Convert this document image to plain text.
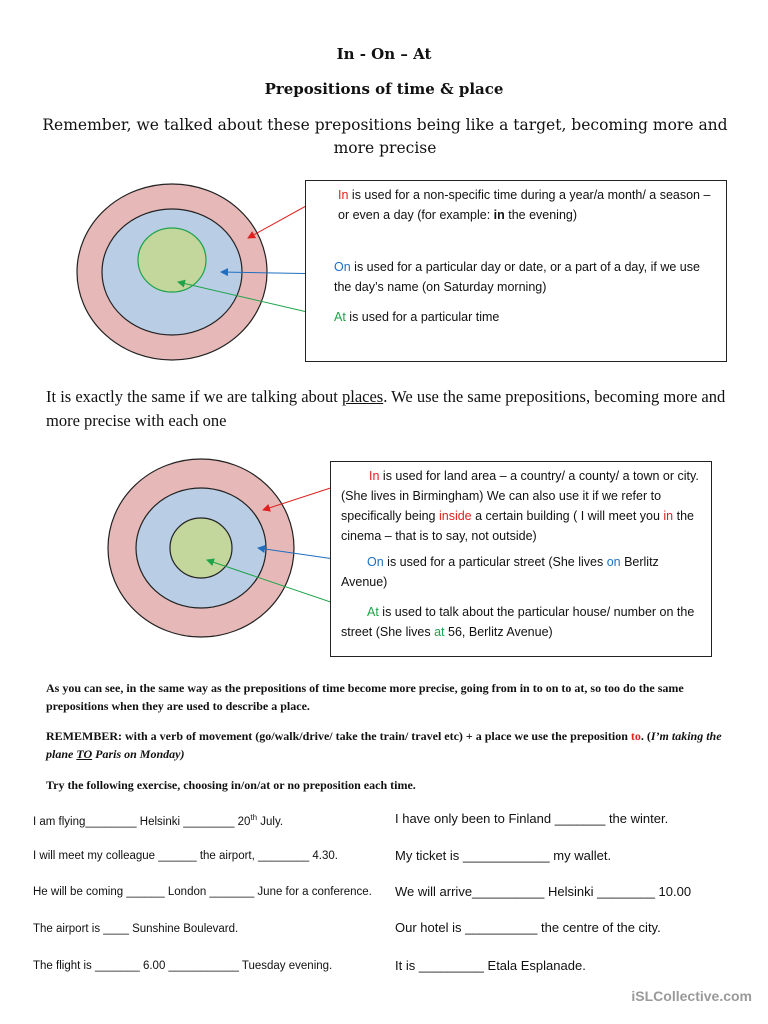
In - On – At
Prepositions of time & place
Remember, we talked about these prepositions being like a target, becoming more and more precise
In is used for a non-specific time during a year/a month/ a season – or even a day (for example: in the evening)
On is used for a particular day or date, or a part of a day, if we use the day’s name (on Saturday morning)
At is used for a particular time
It is exactly the same if we are talking about places. We use the same prepositions, becoming more and more precise with each one
In is used for land area – a country/ a county/ a town or city. (She lives in Birmingham) We can also use it if we refer to specifically being inside a certain building ( I will meet you in the cinema – that is to say, not outside)
On is used for a particular street (She lives on Berlitz Avenue)
At is used to talk about the particular house/ number on the street (She lives at 56, Berlitz Avenue)
As you can see, in the same way as the prepositions of time become more precise, going from in to on to at, so too do the same prepositions when they are used to describe a place.
REMEMBER: with a verb of movement (go/walk/drive/ take the train/ travel etc) + a place we use the preposition to. (I’m taking the plane TO Paris on Monday)
Try the following exercise, choosing in/on/at or no preposition each time.
I am flying________ Helsinki ________ 20th July.
I will meet my colleague ______ the airport, ________ 4.30.
He will be coming ______ London _______ June for a conference.
The airport is ____ Sunshine Boulevard.
The flight is _______ 6.00 ___________ Tuesday evening.
I have only been to Finland _______ the winter.
My ticket is ____________ my wallet.
We will arrive__________ Helsinki ________ 10.00
Our hotel is __________ the centre of the city.
It is _________ Etala Esplanade.
iSLCollective.com
